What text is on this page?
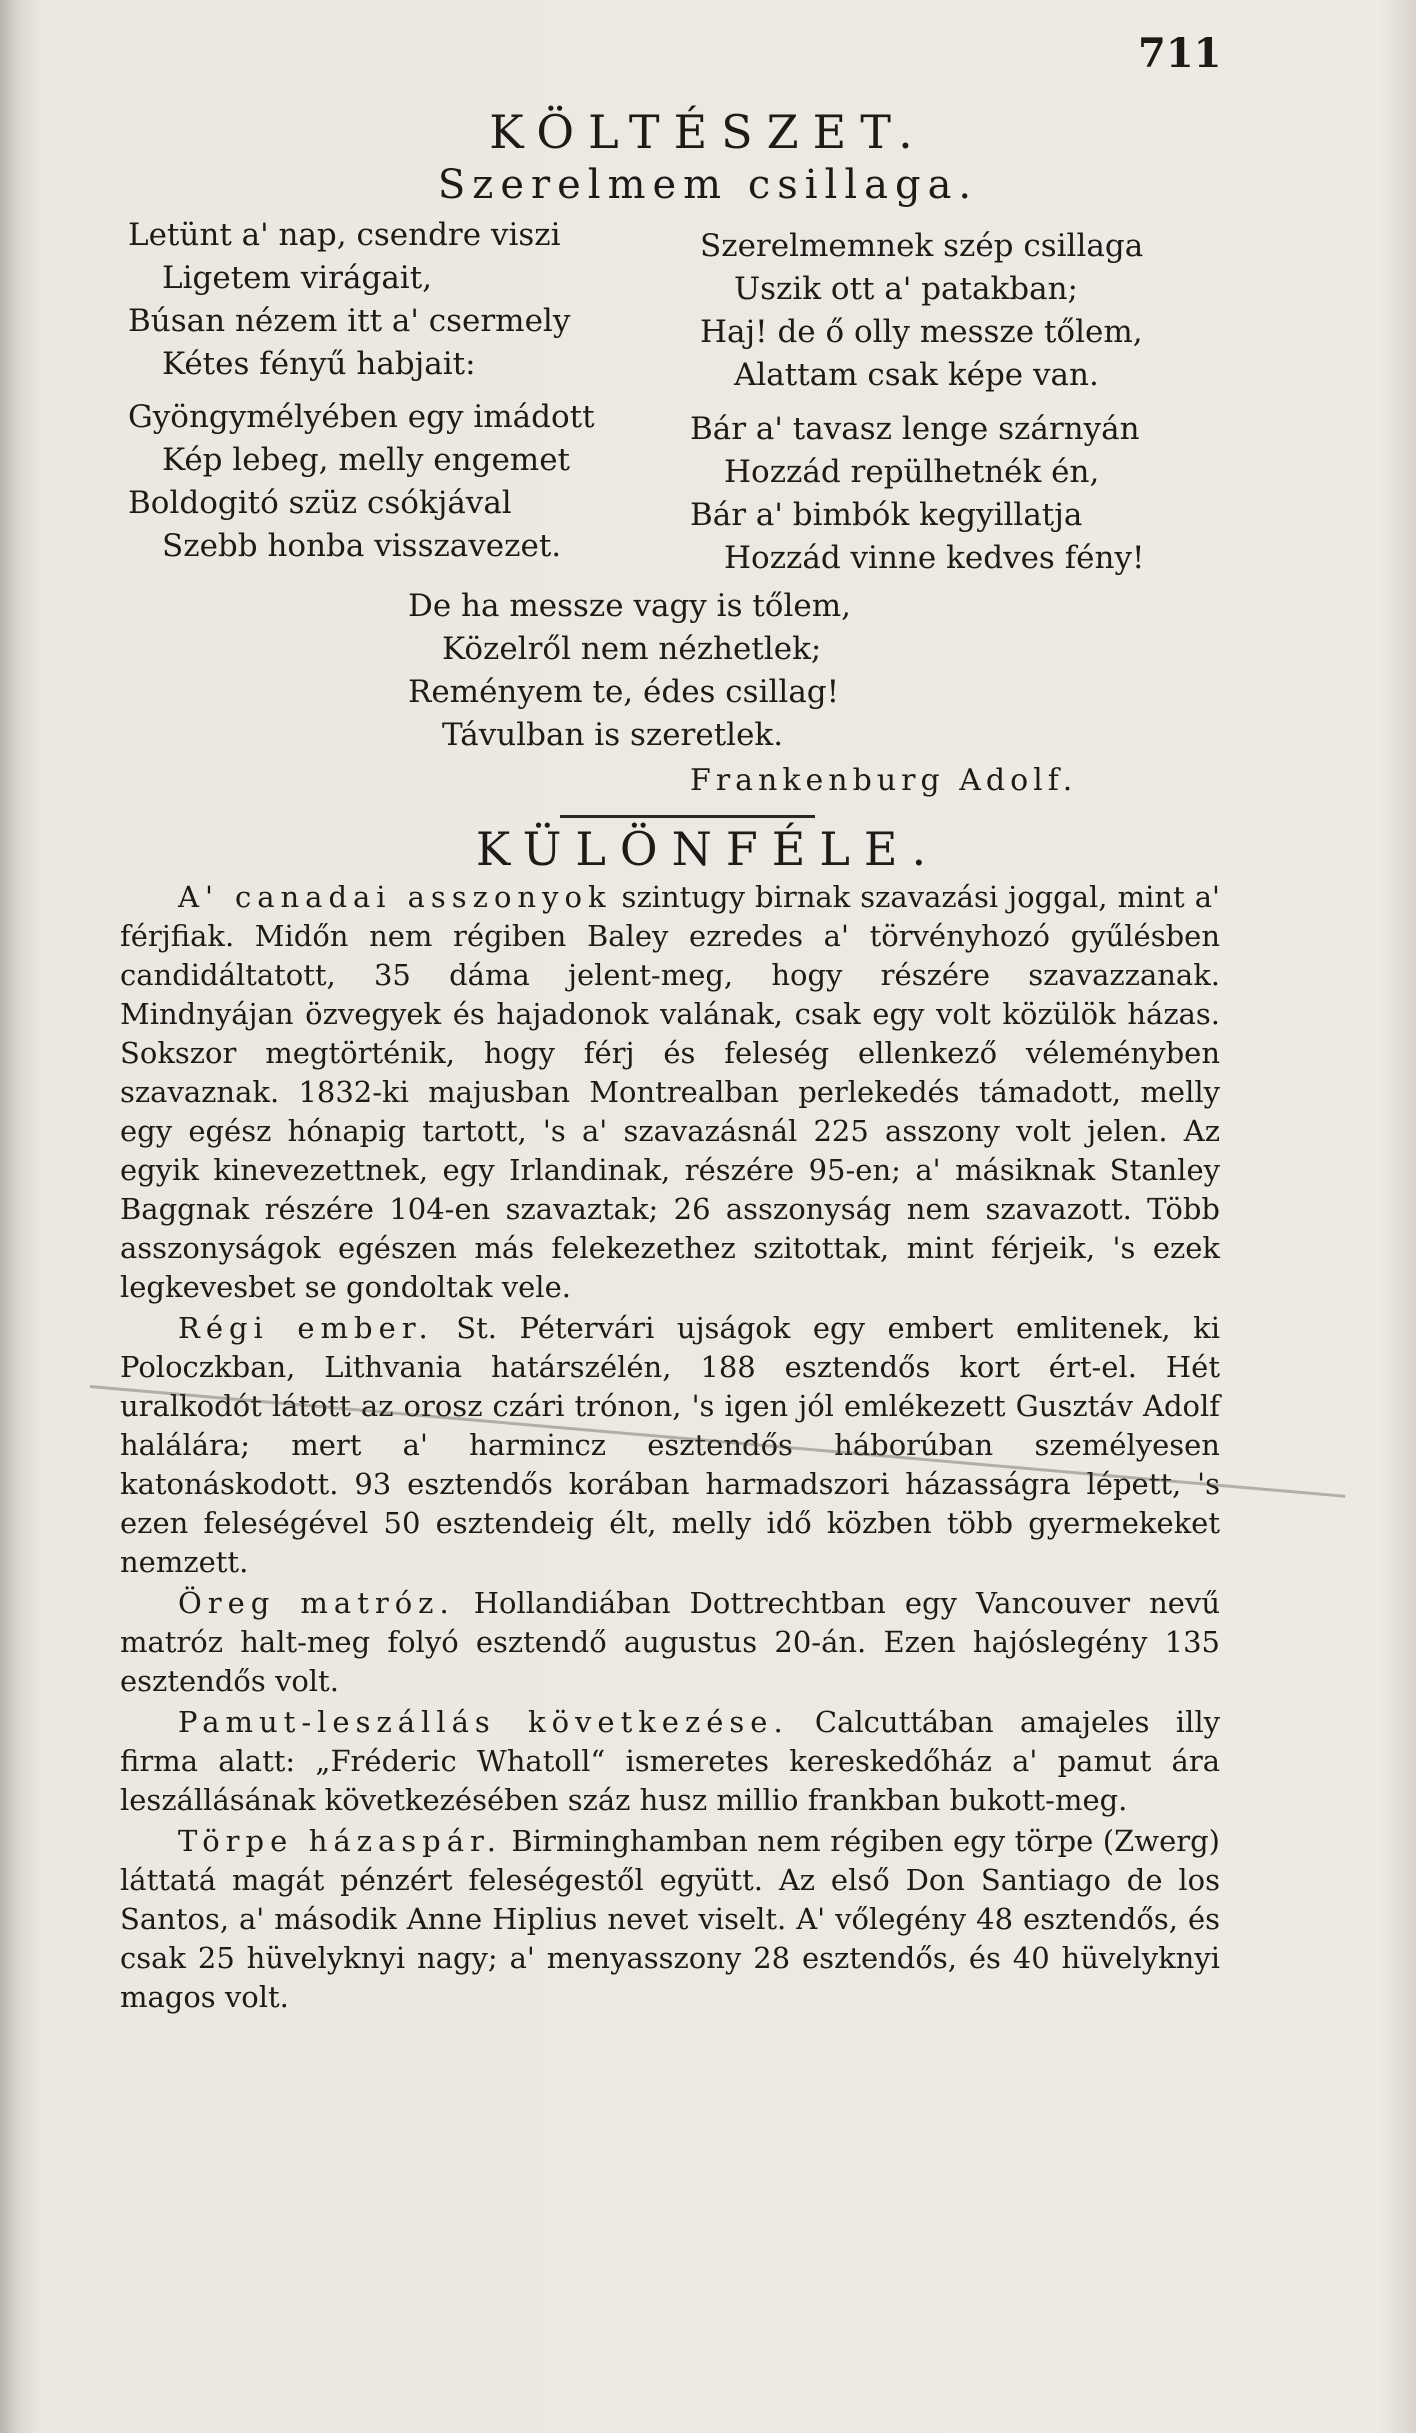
711
KÖLTÉSZET.
Szerelmem csillaga.
Letünt a' nap, csendre viszi
Ligetem virágait,
Búsan nézem itt a' csermely
Kétes fényű habjait:
Gyöngymélyében egy imádott
Kép lebeg, melly engemet
Boldogitó szüz csókjával
Szebb honba visszavezet.
Szerelmemnek szép csillaga
Uszik ott a' patakban;
Haj! de ő olly messze tőlem,
Alattam csak képe van.
Bár a' tavasz lenge szárnyán
Hozzád repülhetnék én,
Bár a' bimbók kegyillatja
Hozzád vinne kedves fény!
De ha messze vagy is tőlem,
Közelről nem nézhetlek;
Reményem te, édes csillag!
Távulban is szeretlek.
Frankenburg Adolf.
KÜLÖNFÉLE.

A' canadai asszonyok szintugy birnak szavazási joggal, mint a' férjfiak. Midőn nem régiben Baley ezredes a' törvényhozó gyűlésben candidáltatott, 35 dáma jelent-meg, hogy részére szavazzanak. Mindnyájan özvegyek és hajadonok valának, csak egy volt közülök házas. Sokszor megtörténik, hogy férj és feleség ellenkező véleményben szavaznak. 1832-ki majusban Montrealban perlekedés támadott, melly egy egész hónapig tartott, 's a' szavazásnál 225 asszony volt jelen. Az egyik kinevezettnek, egy Irlandinak, részére 95-en; a' másiknak Stanley Baggnak részére 104-en szavaztak; 26 asszonyság nem szavazott. Több asszonyságok egészen más felekezethez szitottak, mint férjeik, 's ezek legkevesbet se gondoltak vele.

Régi ember. St. Pétervári ujságok egy embert emlitenek, ki Poloczkban, Lithvania határszélén, 188 esztendős kort ért-el. Hét uralkodót látott az orosz czári trónon, 's igen jól emlékezett Gusztáv Adolf halálára; mert a' harmincz esztendős háborúban személyesen katonáskodott. 93 esztendős korában harmadszori házasságra lépett, 's ezen feleségével 50 esztendeig élt, melly idő közben több gyermekeket nemzett.

Öreg matróz. Hollandiában Dottrechtban egy Vancouver nevű matróz halt-meg folyó esztendő augustus 20-án. Ezen hajóslegény 135 esztendős volt.

Pamut-leszállás következése. Calcuttában amajeles illy firma alatt: „Fréderic Whatoll“ ismeretes kereskedőház a' pamut ára leszállásának következésében száz husz millio frankban bukott-meg.

Törpe házaspár. Birminghamban nem régiben egy törpe (Zwerg) láttatá magát pénzért feleségestől együtt. Az első Don Santiago de los Santos, a' második Anne Hiplius nevet viselt. A' vőlegény 48 esztendős, és csak 25 hüvelyknyi nagy; a' menyasszony 28 esztendős, és 40 hüvelyknyi magos volt.
